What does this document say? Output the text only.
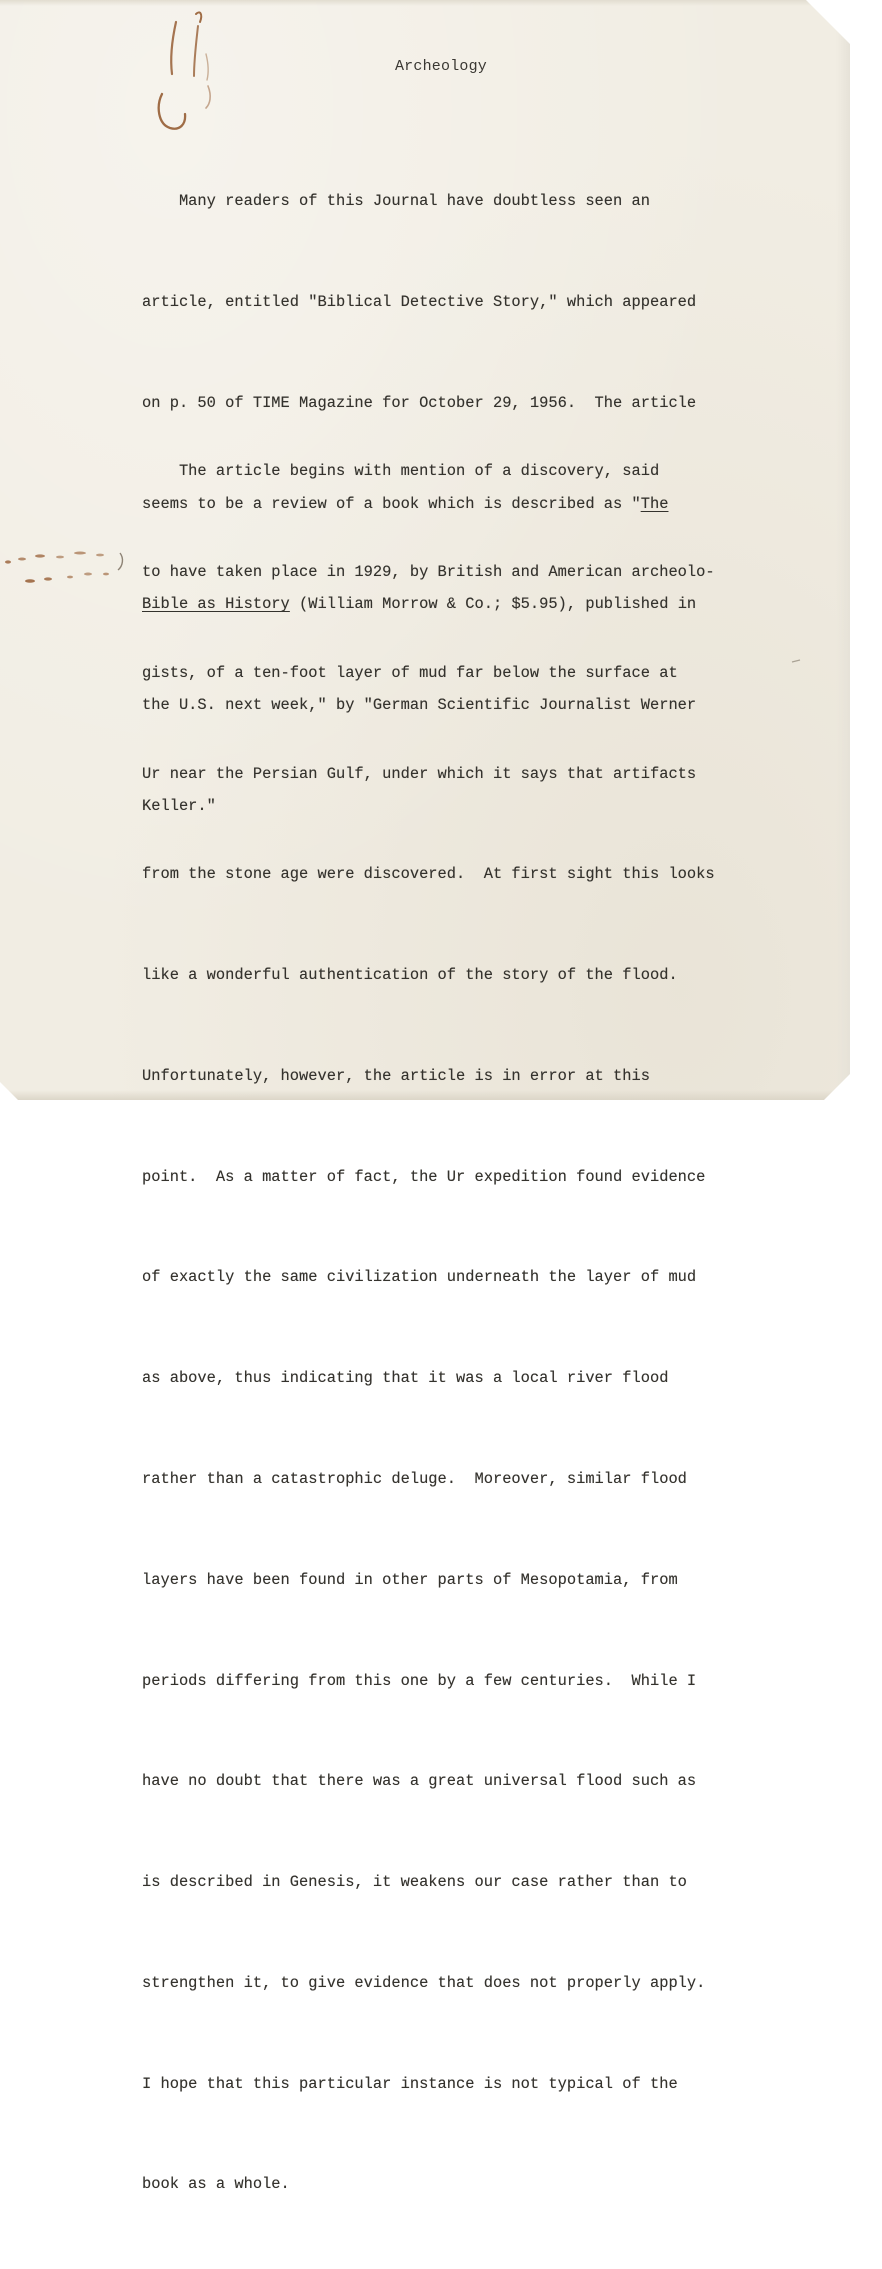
Archeology

Many readers of this Journal have doubtless seen an

article, entitled "Biblical Detective Story," which appeared

on p. 50 of TIME Magazine for October 29, 1956.  The article

seems to be a review of a book which is described as "The

Bible as History (William Morrow & Co.; $5.95), published in

the U.S. next week," by "German Scientific Journalist Werner

Keller."

The article begins with mention of a discovery, said

to have taken place in 1929, by British and American archeolo-

gists, of a ten-foot layer of mud far below the surface at

Ur near the Persian Gulf, under which it says that artifacts

from the stone age were discovered.  At first sight this looks

like a wonderful authentication of the story of the flood.

Unfortunately, however, the article is in error at this

point.  As a matter of fact, the Ur expedition found evidence

of exactly the same civilization underneath the layer of mud

as above, thus indicating that it was a local river flood

rather than a catastrophic deluge.  Moreover, similar flood

layers have been found in other parts of Mesopotamia, from

periods differing from this one by a few centuries.  While I

have no doubt that there was a great universal flood such as

is described in Genesis, it weakens our case rather than to

strengthen it, to give evidence that does not properly apply.

I hope that this particular instance is not typical of the

book as a whole.
